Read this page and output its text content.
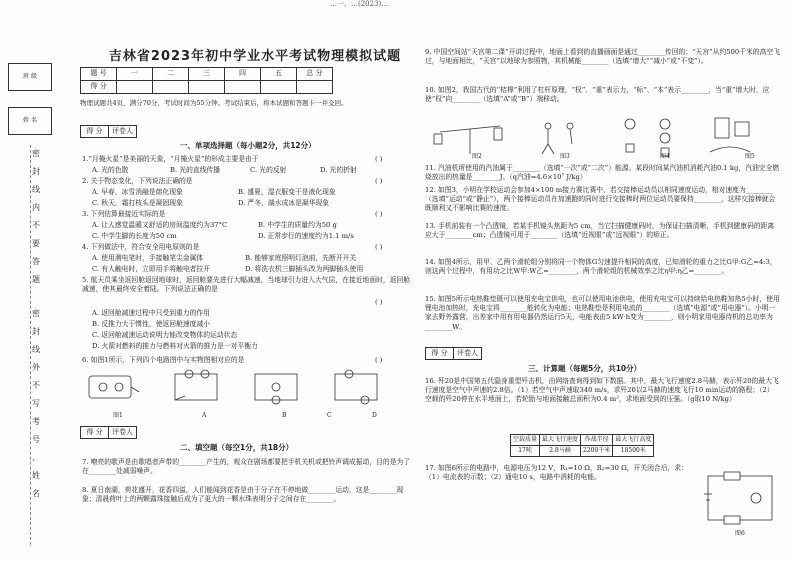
…一、…(2023)…
班 级
姓 名
密
封
线
内
不
要
答
题
密
封
线
外
不
写
考
号
、
姓
名
吉林省2023年初中学业水平考试物理模拟试题
题 号	一	二	三	四	五	总 分
得 分						
物理试题共4页，满分70分，考试时间为55分钟。考试结束后，将本试题和答题卡一并交回。
得 分	评卷人
一、单项选择题（每小题2分，共12分）
1.“月掩火星”是美丽的天象，“月掩火星”的形成主要是由于	( )
A. 光的色散	B. 光的直线传播	C. 光的反射	D. 光的折射
2. 关于物态变化，下列说法正确的是	( )
A. 早春，冰雪消融是熔化现象	B. 盛夏，湿衣服变干是液化现象
C. 秋天，霜打枝头是凝固现象	D. 严冬，湖水成冰是凝华现象
3. 下列估算最接近实际的是	( )
A. 让人感觉温暖又舒适的房间温度约为37°C	B. 中学生的质量约为50 g
C. 中学生脚的长度为50 cm	D. 正常步行的速度约为1.1 m/s
4. 下列做法中，符合安全用电原则的是	( )
A. 使用测电笔时，手接触笔尖金属体	B. 能够家庭照明灯泡前，先断开开关
C. 有人触电时，立即用手将触电者拉开	D. 将洗衣机三脚插头改为两脚插头使用
5. 航天员乘坐返回舱返回地球时，返回舱要先进行大幅减速，当地球引力进入大气层，在接近地面时，返回舱减速，使其最终安全着陆。下列说法正确的是
( )
A. 返回舱减速过程中只受到重力的作用
B. 反推力大于惯性，使返回舱速度减小
C. 返回舱减速运动说明力能改变物体的运动状态
D. 火箭对燃料的推力与燃料对火箭的推力是一对平衡力
6. 如图1所示，下列四个电路图中与实物图相对应的是	( )
图1	A	B	C	D
得 分	评卷人
二、填空题（每空1分，共18分）
7. 嘹亮的歌声是由歌唱者声带的________产生的，观众在剧场都要把手机关机或把铃声调成振动，目的是为了在________处减弱噪声。
8. 夏日南湖，荷花盛开，花香四溢，人们能闻到花香是由于分子在不停地做________运动，这是________现象；清晨荷叶上的两颗露珠接触后成为了更大的一颗水珠表明分子之间存在________。
9. 中国空间站“天宫第二课”开讲过程中，地面上看到的直播画面是通过________传回的；“天宫”从约500千米的高空飞过，与地面相比，“天宫”以地球为参照物，其机械能________（选填“增大”“减小”或“不变”）。
10. 如图2，我国古代的“桔槔”利用了杠杆原理，“权”、“重”表示力，“标”、“本”表示________，当“重”增大时，应使“权”向________（选填“A”或“B”）端移动。
图2	图3	图4	图5
11. 汽油机所使用的汽油属于________（选填“一次”或“二次”）能源。某段时间某汽油机消耗汽油0.1 kg，汽油完全燃烧放出的热量是________J。（q汽油=4.6×10⁷ J/kg）
12. 如图3，小明在学校运动会参加4×100 m接力赛比赛中，若交接棒运动员以相同速度运动，相对速度为________（选填“运动”或“静止”），两个接棒运动员在加速跑的同时进行交接棒时两位运动员要保持________，这样交接棒就会既顺利又不影响比赛的速度。
13. 手机前装有一个凸透镜，若某手机镜头焦距为5 cm，当它扫描健康码时，为保证扫描清晰，手机到健康码的距离应大于________cm；凸透镜可用于________（选填“近视眼”或“远视眼”）的矫正。
14. 如图4所示，用甲、乙两个滑轮组分别将同一个物体G匀速提升相同的高度，已知滑轮的重力之比G甲:G乙=4:3，则这两个过程中，有用功之比W甲:W乙=________，两个滑轮组的机械效率之比η甲:η乙=________。
15. 如图5所示电热鞋垫既可以使用充电宝供电，也可以使用电池供电，使用充电宝可以持续给电热鞋加热5小时，使用锂电池加热时，充电宝将________能转化为电能；电热鞋垫是利用电流的________（选填“电源”或“用电器”）。小明一家去野外露营，出差家中用有用电器仍然运行5天，电能表由5 kW·h变为________，则小明家用电器待机的总功率为________W。
得 分	评卷人
三、计算题（每题5分，共10分）
16. 歼20是中国第五代隐身重型歼击机，由网络查询得到如下数据。其中，最大飞行速度2.8马赫，表示歼20的最大飞行速度是空气中声速的2.8倍。（1）若空气中声速取340 m/s，求歼20以2马赫的速度飞行10 min运动的路程；（2）空载的歼20停在水平地面上，若轮胎与地面接触总面积为0.4 m²，求地面受到的压强。（g取10 N/kg）
空载质量	最大飞行速度	作战半径	最大飞行高度
17吨	2.8马赫	2200千米	18500米
17. 如图6所示的电路中，电源电压为12 V，R₁=10 Ω，R₂=30 Ω，开关闭合后，求：（1）电流表的示数；（2）通电10 s，电路中消耗的电能。
图6
